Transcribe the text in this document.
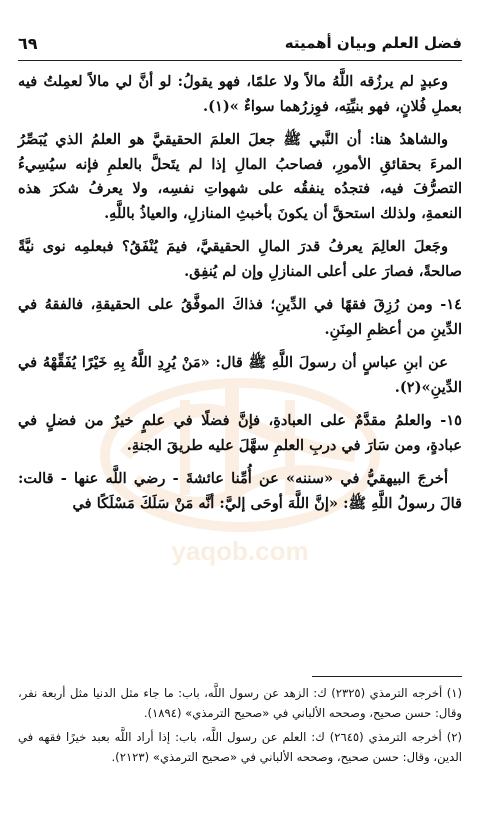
فضل العلم وبيان أهميته
٦٩
yaqob.com

وعبدٍ لم يرزُقه اللَّهُ مالاً ولا علمًا، فهو يقولُ: لو أنَّ لي مالاً لعمِلتُ فيه بعملِ فُلانٍ، فهو بنيِّتِه، فوِزرُهما سواءٌ »(١).

والشاهدُ هنا: أن النَّبي ﷺ جعلَ العلمَ الحقيقيَّ هو العلمُ الذي يُبَصِّرُ المرءَ بحقائقِ الأمورِ، فصاحبُ المالِ إذا لم يتَحلَّ بالعلمِ فإنه سيُسِيءُ التصرُّفَ فيه، فتجدُه ينفقُه على شهواتِ نفسِه، ولا يعرفُ شكرَ هذه النعمةِ، ولذلك استحقَّ أن يكونَ بأخبثِ المنازلِ، والعياذُ باللَّهِ.

وجَعلَ العالِمَ يعرفُ قدرَ المالِ الحقيقيَّ، فيمَ يُنْفَقُ؟ فبعلمِه نوى نيَّةً صالحةً، فصارَ على أعلى المنازلِ وإن لم يُنفِق.

١٤- ومن رُزِقَ فقهًا في الدِّينِ؛ فذاكَ الموفَّقُ على الحقيقةِ، فالفقهُ في الدِّينِ من أعظمِ المِنَنِ.

عن ابنِ عباسٍ أن رسولَ اللَّهِ ﷺ قال: «مَنْ يُرِدِ اللَّهُ بِهِ خَيْرًا يُفَقِّهْهُ في الدِّينِ»(٢).

١٥- والعلمُ مقدَّمٌ على العبادةِ، فإنَّ فضلًا في علمٍ خيرٌ من فضلٍ في عبادةٍ، ومن سَارَ في دربِ العلمِ سهَّلَ عليه طريقَ الجنةِ.

أخرجَ البيهقيُّ في «سننه» عن أُمِّنا عائشةَ - رضي اللَّه عنها - قالت: قالَ رسولُ اللَّهِ ﷺ: «إنَّ اللَّهَ أوحَى إليَّ: أنَّه مَنْ سَلَكَ مَسْلَكًا في

(١) أخرجه الترمذي (٢٣٢٥) ك: الزهد عن رسول اللَّه، باب: ما جاء مثل الدنيا مثل أربعة نفر، وقال: حسن صحيح، وصححه الألباني في «صحيح الترمذي» (١٨٩٤).

(٢) أخرجه الترمذي (٢٦٤٥) ك: العلم عن رسول اللَّه، باب: إذا أراد اللَّه بعبد خيرًا فقهه في الدين، وقال: حسن صحيح، وصححه الألباني في «صحيح الترمذي» (٢١٢٣).
